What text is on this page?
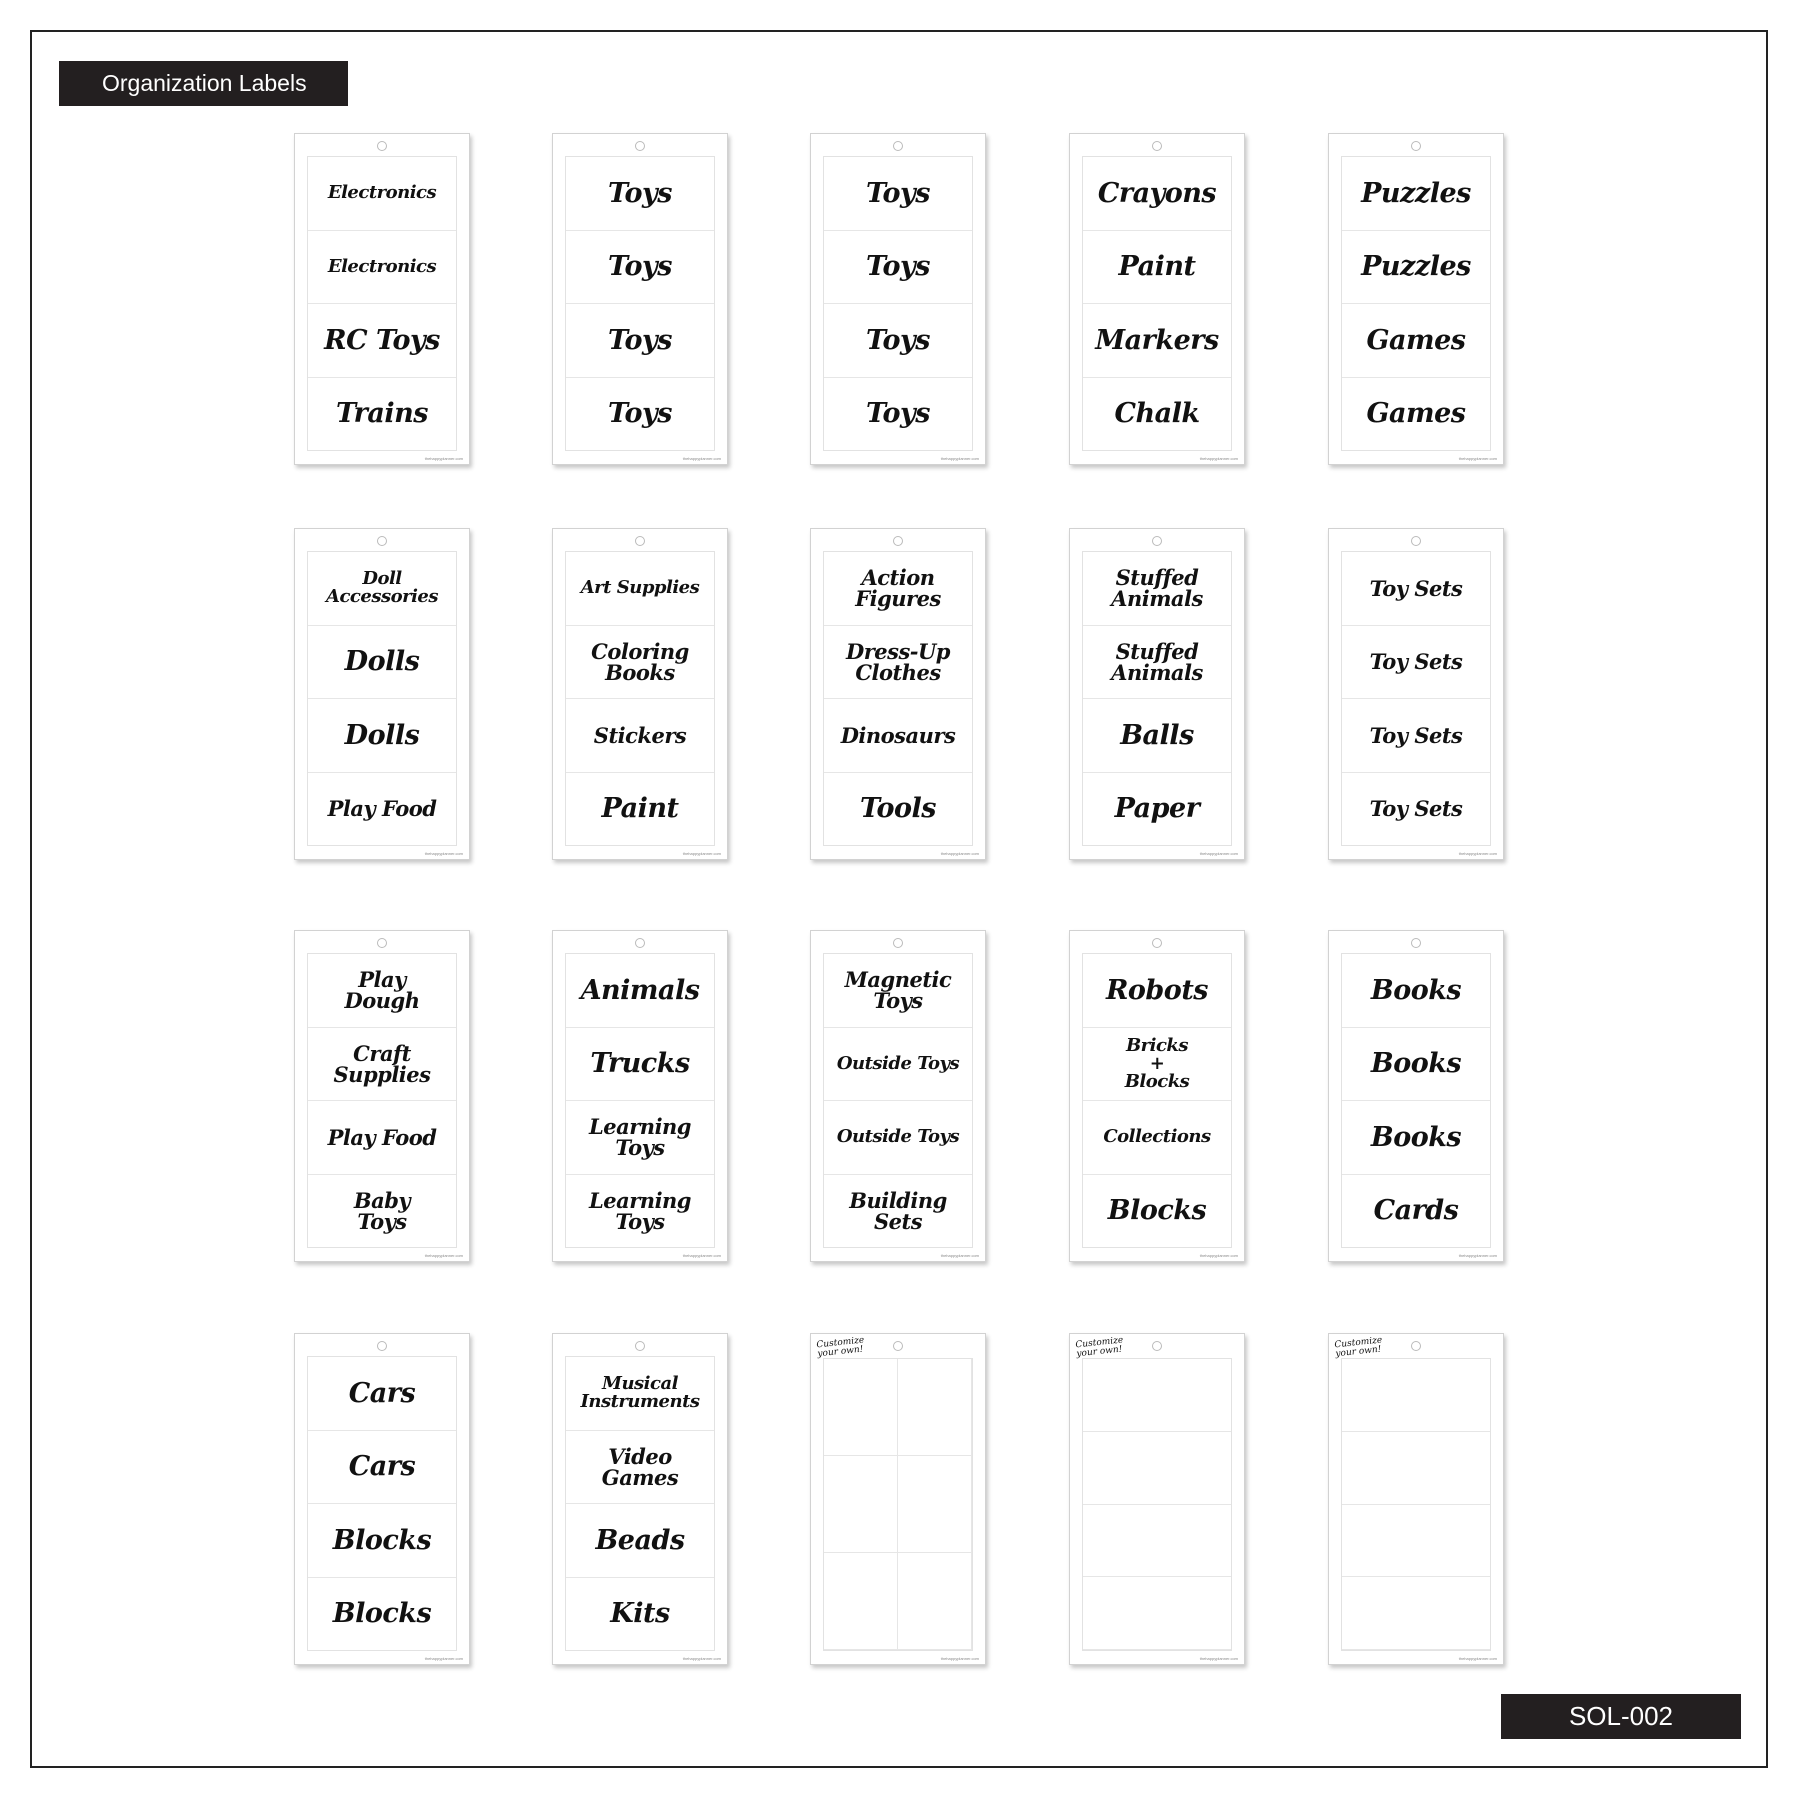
Organization Labels
Electronics
Electronics
RC Toys
Trains
thehappyplanner.com
Toys
Toys
Toys
Toys
thehappyplanner.com
Toys
Toys
Toys
Toys
thehappyplanner.com
Crayons
Paint
Markers
Chalk
thehappyplanner.com
Puzzles
Puzzles
Games
Games
thehappyplanner.com
Doll
Accessories
Dolls
Dolls
Play Food
thehappyplanner.com
Art Supplies
Coloring
Books
Stickers
Paint
thehappyplanner.com
Action
Figures
Dress-Up
Clothes
Dinosaurs
Tools
thehappyplanner.com
Stuffed
Animals
Stuffed
Animals
Balls
Paper
thehappyplanner.com
Toy Sets
Toy Sets
Toy Sets
Toy Sets
thehappyplanner.com
Play
Dough
Craft
Supplies
Play Food
Baby
Toys
thehappyplanner.com
Animals
Trucks
Learning
Toys
Learning
Toys
thehappyplanner.com
Magnetic
Toys
Outside Toys
Outside Toys
Building
Sets
thehappyplanner.com
Robots
Bricks
+
Blocks
Collections
Blocks
thehappyplanner.com
Books
Books
Books
Cards
thehappyplanner.com
Cars
Cars
Blocks
Blocks
thehappyplanner.com
Musical
Instruments
Video
Games
Beads
Kits
thehappyplanner.com
Customize your own!
thehappyplanner.com
Customize your own!
thehappyplanner.com
Customize your own!
thehappyplanner.com
SOL-002
